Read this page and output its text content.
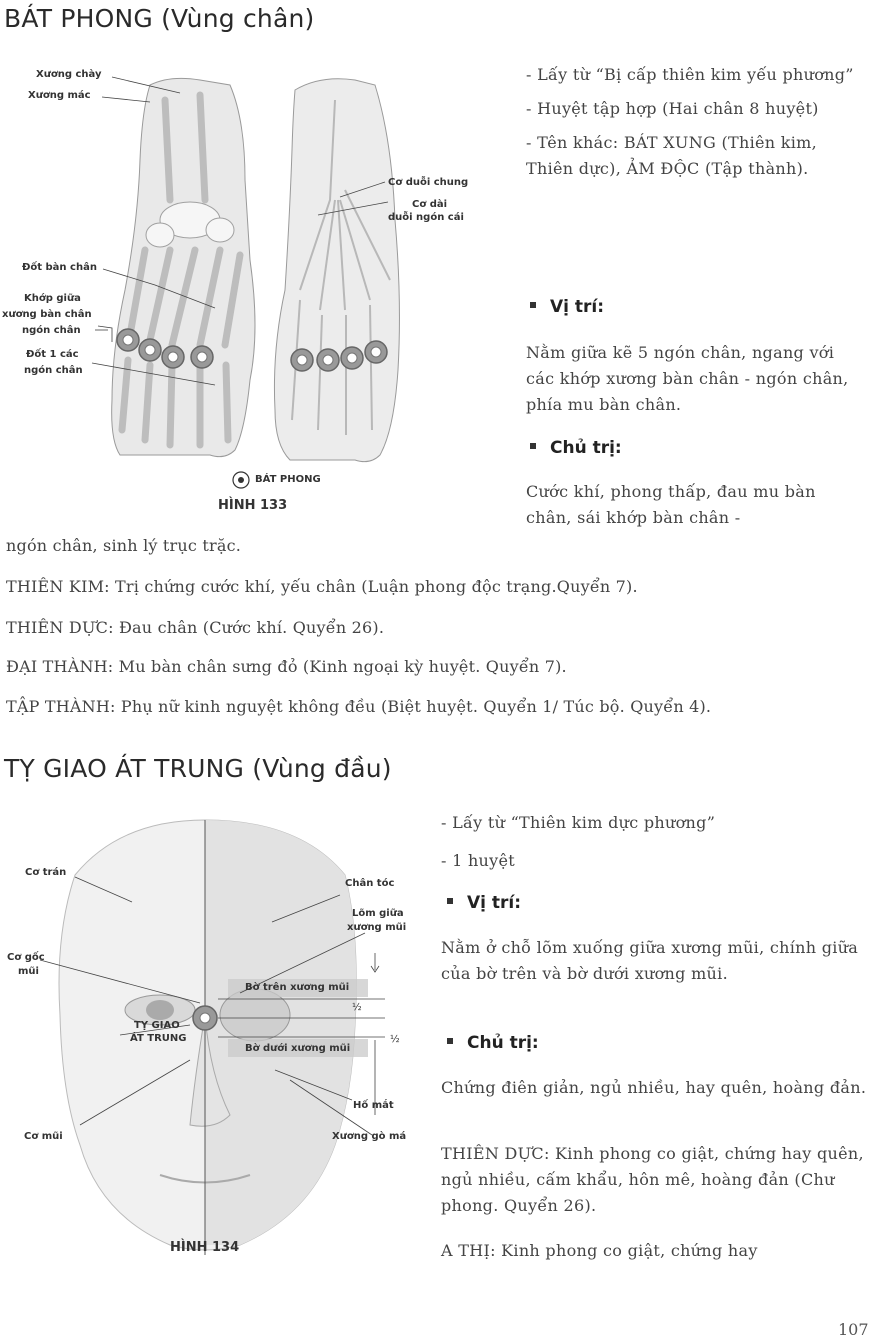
BÁT PHONG (Vùng chân)
Xương chày
Xương mác
Cơ duỗi chung
Cơ dài
duỗi ngón cái
Đốt bàn chân
Khớp giữa
xương bàn chân
ngón chân
Đốt 1 các
ngón chân
BÁT PHONG
HÌNH 133

- Lấy từ “Bị cấp thiên kim yếu phương”

- Huyệt tập hợp (Hai chân 8 huyệt)

- Tên khác: BÁT XUNG (Thiên kim, Thiên dực), ẢM ĐỘC (Tập thành).

Vị trí:
Nằm giữa kẽ 5 ngón chân, ngang với các khớp xương bàn chân - ngón chân, phía mu bàn chân.
Chủ trị:
Cước khí, phong thấp, đau mu bàn chân, sái khớp bàn chân -
ngón chân, sinh lý trục trặc.
THIÊN KIM: Trị chứng cước khí, yếu chân (Luận phong độc trạng.Quyển 7).
THIÊN DỰC: Đau chân (Cước khí. Quyển 26).
ĐẠI THÀNH: Mu bàn chân sưng đỏ (Kinh ngoại kỳ huyệt. Quyển 7).
TẬP THÀNH: Phụ nữ kinh nguyệt không đều (Biệt huyệt. Quyển 1/ Túc bộ. Quyển 4).
TỴ GIAO ÁT TRUNG (Vùng đầu)
Cơ trán
Chân tóc
Lõm giữa
xương mũi
Cơ gốc
mũi
Bờ trên xương mũi
½
TỴ GIAO
ÁT TRUNG	½
Bờ dưới xương mũi
Hố mắt
Cơ mũi	Xương gò má
HÌNH 134

- Lấy từ “Thiên kim dực phương”

- 1 huyệt

Vị trí:
Nằm ở chỗ lõm xuống giữa xương mũi, chính giữa của bờ trên và bờ dưới xương mũi.
Chủ trị:
Chứng điên giản, ngủ nhiều, hay quên, hoàng đản.
THIÊN DỰC: Kinh phong co giật, chứng hay quên, ngủ nhiều, cấm khẩu, hôn mê, hoàng đản (Chư phong. Quyển 26).
A THỊ: Kinh phong co giật, chứng hay
107
